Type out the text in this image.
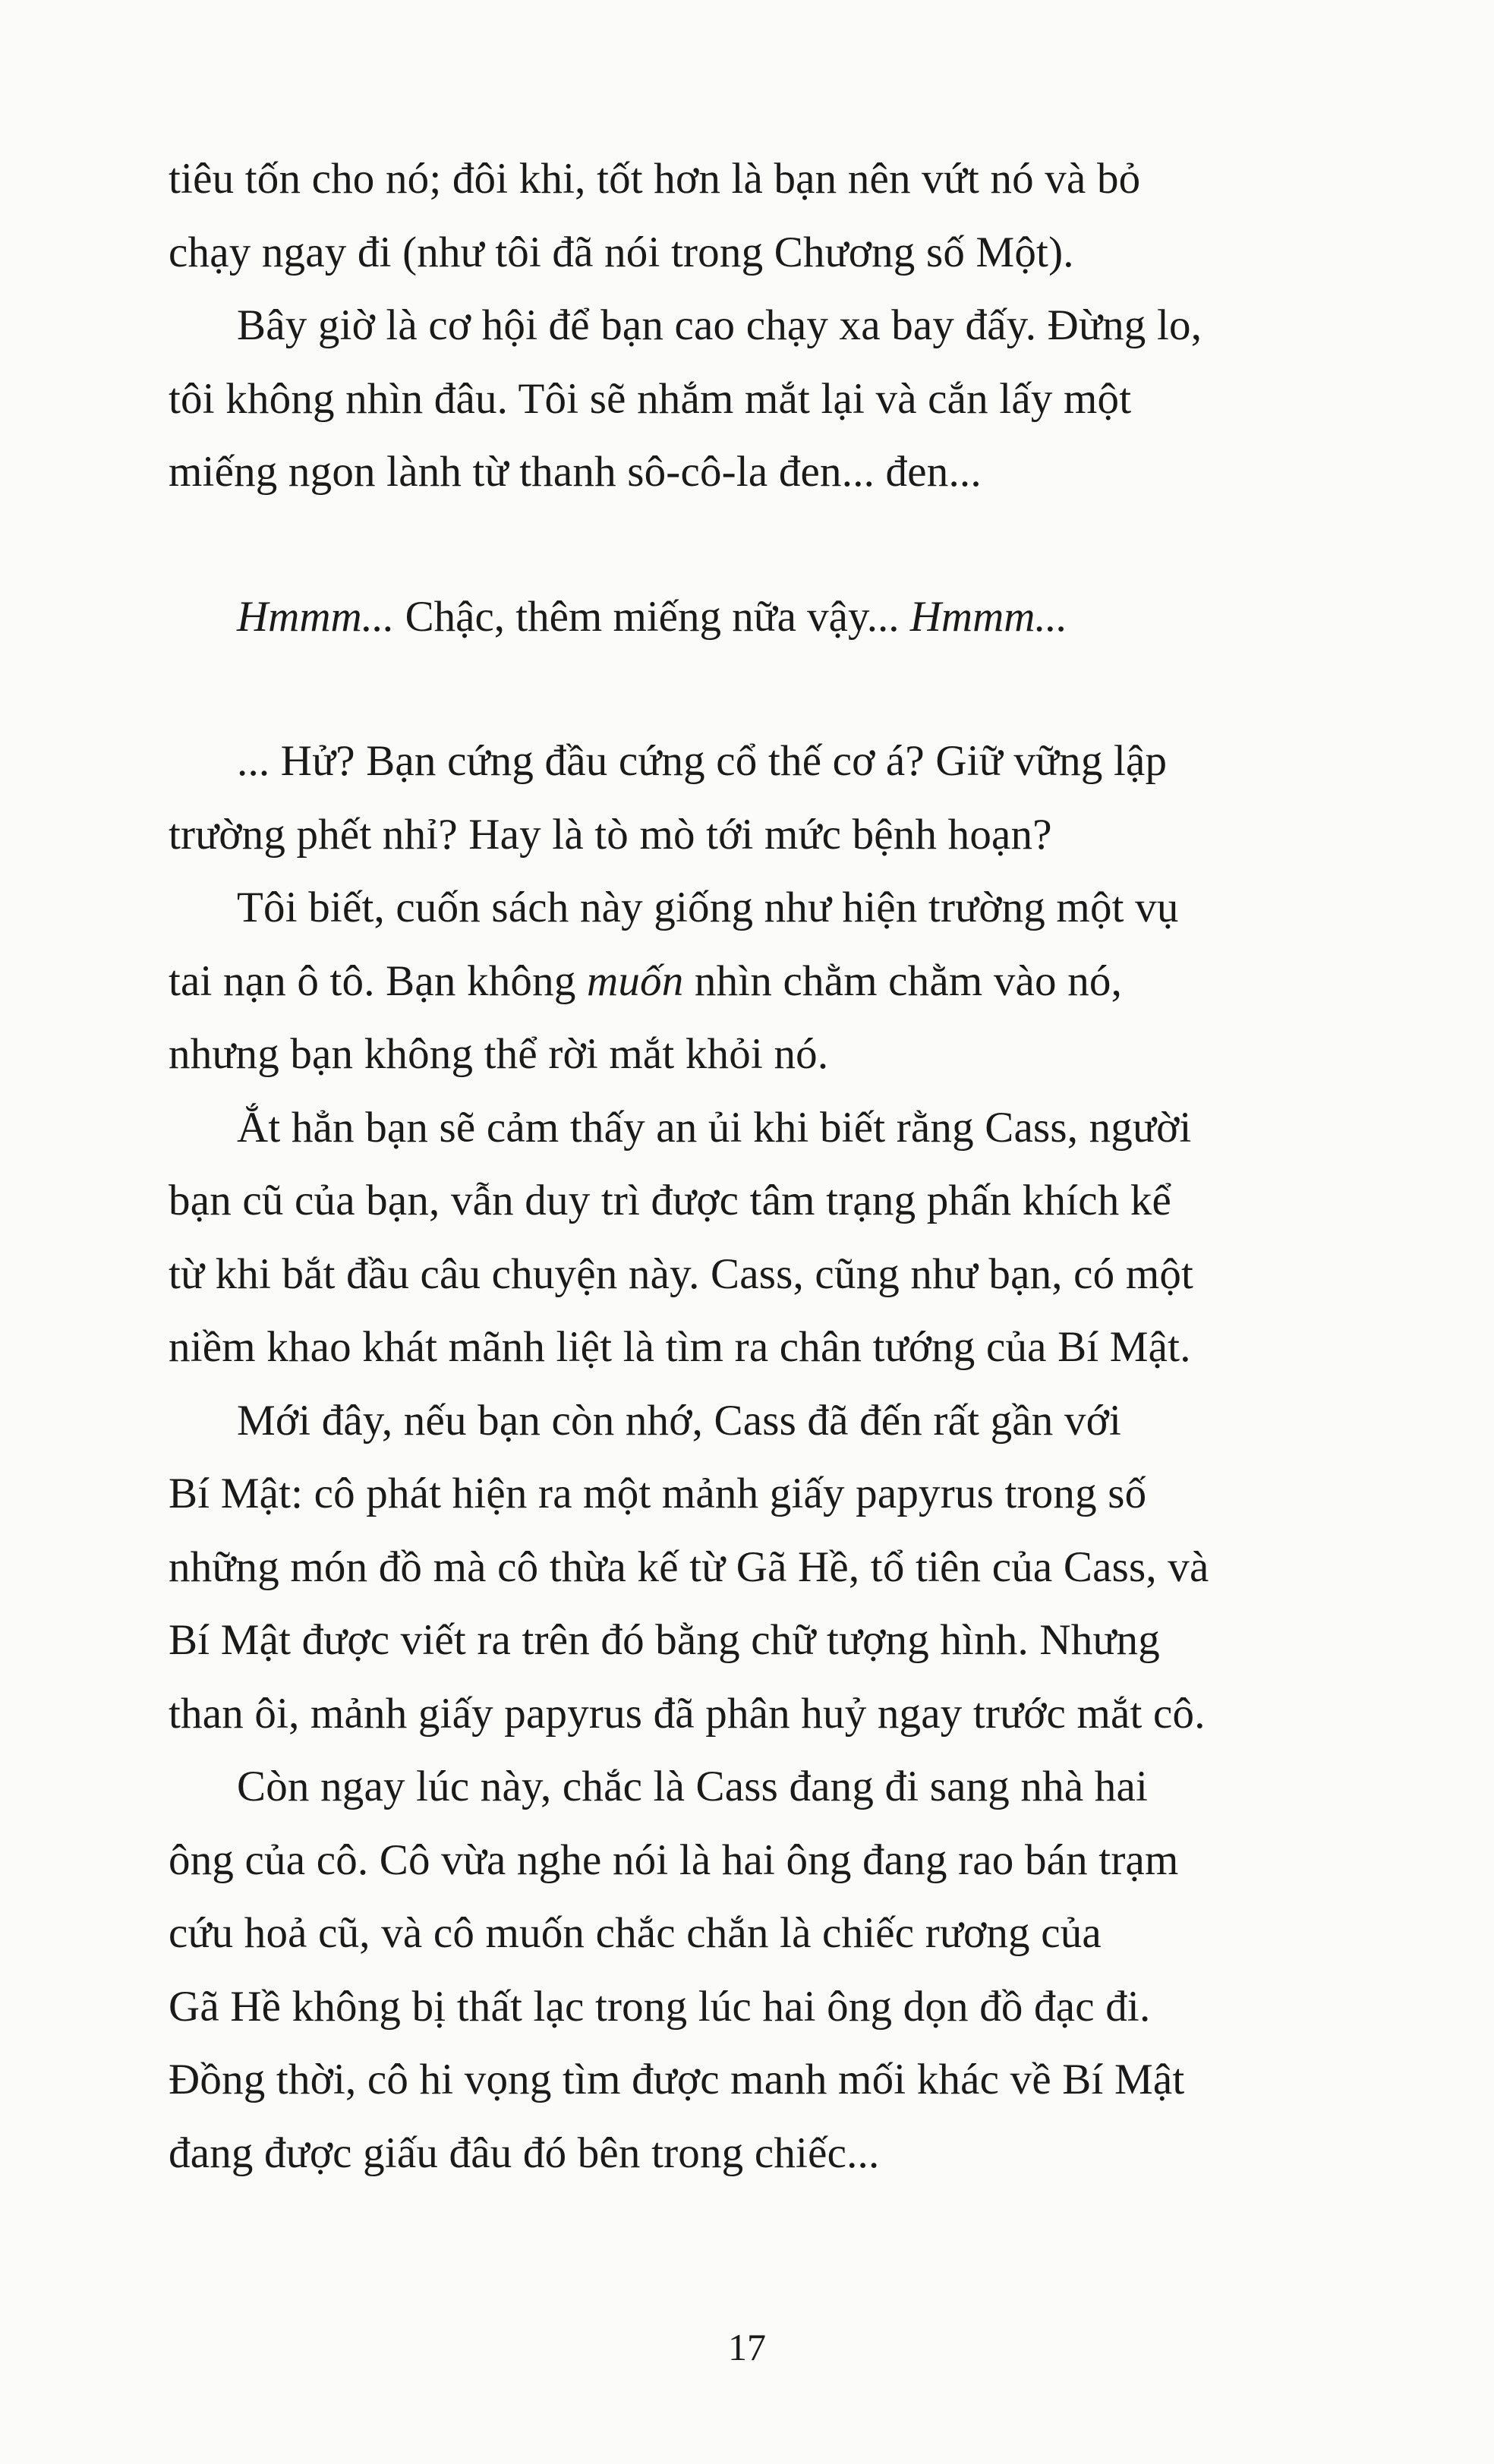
tiêu tốn cho nó; đôi khi, tốt hơn là bạn nên vứt nó và bỏ
chạy ngay đi (như tôi đã nói trong Chương số Một).
Bây giờ là cơ hội để bạn cao chạy xa bay đấy. Đừng lo,
tôi không nhìn đâu. Tôi sẽ nhắm mắt lại và cắn lấy một
miếng ngon lành từ thanh sô-cô-la đen... đen...
Hmmm... Chậc, thêm miếng nữa vậy... Hmmm...
... Hử? Bạn cứng đầu cứng cổ thế cơ á? Giữ vững lập
trường phết nhỉ? Hay là tò mò tới mức bệnh hoạn?
Tôi biết, cuốn sách này giống như hiện trường một vụ
tai nạn ô tô. Bạn không muốn nhìn chằm chằm vào nó,
nhưng bạn không thể rời mắt khỏi nó.
Ắt hẳn bạn sẽ cảm thấy an ủi khi biết rằng Cass, người
bạn cũ của bạn, vẫn duy trì được tâm trạng phấn khích kể
từ khi bắt đầu câu chuyện này. Cass, cũng như bạn, có một
niềm khao khát mãnh liệt là tìm ra chân tướng của Bí Mật.
Mới đây, nếu bạn còn nhớ, Cass đã đến rất gần với
Bí Mật: cô phát hiện ra một mảnh giấy papyrus trong số
những món đồ mà cô thừa kế từ Gã Hề, tổ tiên của Cass, và
Bí Mật được viết ra trên đó bằng chữ tượng hình. Nhưng
than ôi, mảnh giấy papyrus đã phân huỷ ngay trước mắt cô.
Còn ngay lúc này, chắc là Cass đang đi sang nhà hai
ông của cô. Cô vừa nghe nói là hai ông đang rao bán trạm
cứu hoả cũ, và cô muốn chắc chắn là chiếc rương của
Gã Hề không bị thất lạc trong lúc hai ông dọn đồ đạc đi.
Đồng thời, cô hi vọng tìm được manh mối khác về Bí Mật
đang được giấu đâu đó bên trong chiếc...
17
